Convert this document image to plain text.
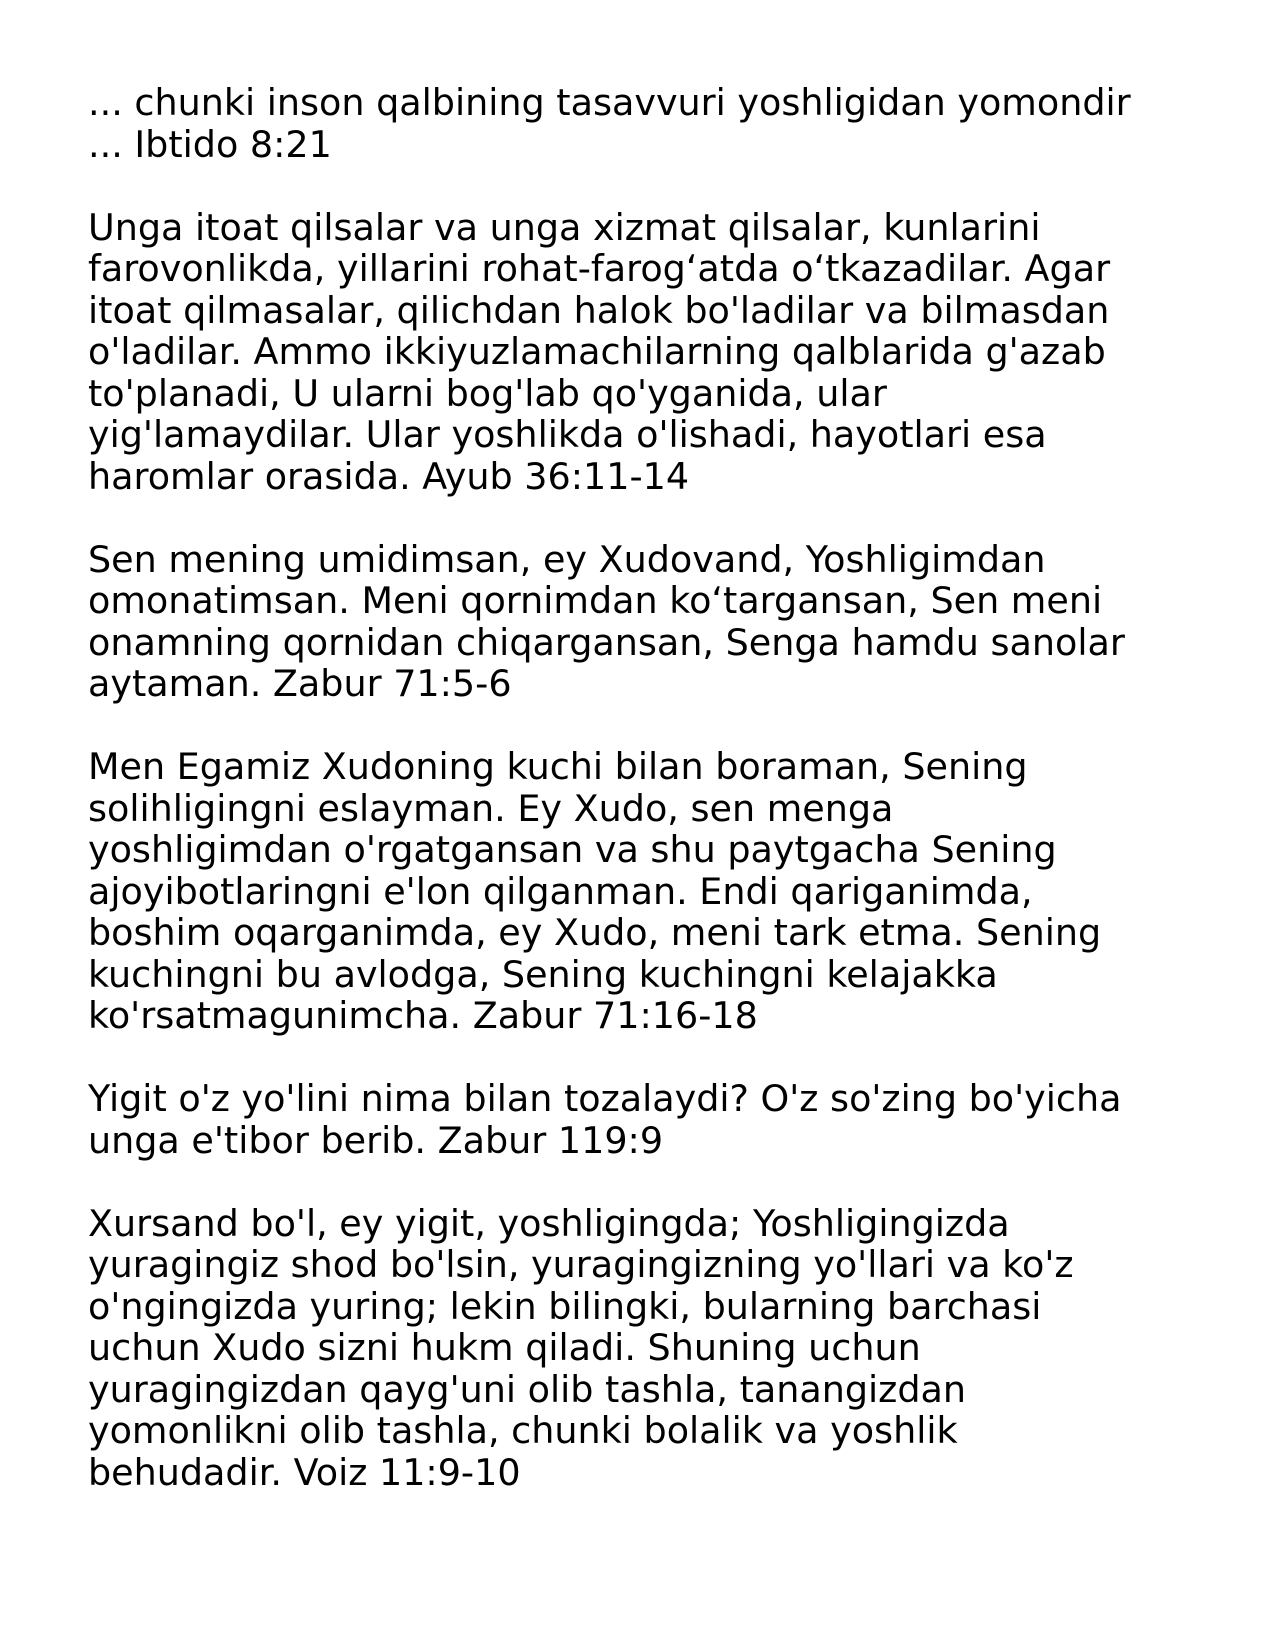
... chunki inson qalbining tasavvuri yoshligidan yomondir
... Ibtido 8:21

Unga itoat qilsalar va unga xizmat qilsalar, kunlarini
farovonlikda, yillarini rohat-farog‘atda o‘tkazadilar. Agar
itoat qilmasalar, qilichdan halok bo'ladilar va bilmasdan
o'ladilar. Ammo ikkiyuzlamachilarning qalblarida g'azab
to'planadi, U ularni bog'lab qo'yganida, ular
yig'lamaydilar. Ular yoshlikda o'lishadi, hayotlari esa
haromlar orasida. Ayub 36:11-14

Sen mening umidimsan, ey Xudovand, Yoshligimdan
omonatimsan. Meni qornimdan ko‘targansan, Sen meni
onamning qornidan chiqargansan, Senga hamdu sanolar
aytaman. Zabur 71:5-6

Men Egamiz Xudoning kuchi bilan boraman, Sening
solihligingni eslayman. Ey Xudo, sen menga
yoshligimdan o'rgatgansan va shu paytgacha Sening
ajoyibotlaringni e'lon qilganman. Endi qariganimda,
boshim oqarganimda, ey Xudo, meni tark etma. Sening
kuchingni bu avlodga, Sening kuchingni kelajakka
ko'rsatmagunimcha. Zabur 71:16-18

Yigit o'z yo'lini nima bilan tozalaydi? O'z so'zing bo'yicha
unga e'tibor berib. Zabur 119:9

Xursand bo'l, ey yigit, yoshligingda; Yoshligingizda
yuragingiz shod bo'lsin, yuragingizning yo'llari va ko'z
o'ngingizda yuring; lekin bilingki, bularning barchasi
uchun Xudo sizni hukm qiladi. Shuning uchun
yuragingizdan qayg'uni olib tashla, tanangizdan
yomonlikni olib tashla, chunki bolalik va yoshlik
behudadir. Voiz 11:9-10
